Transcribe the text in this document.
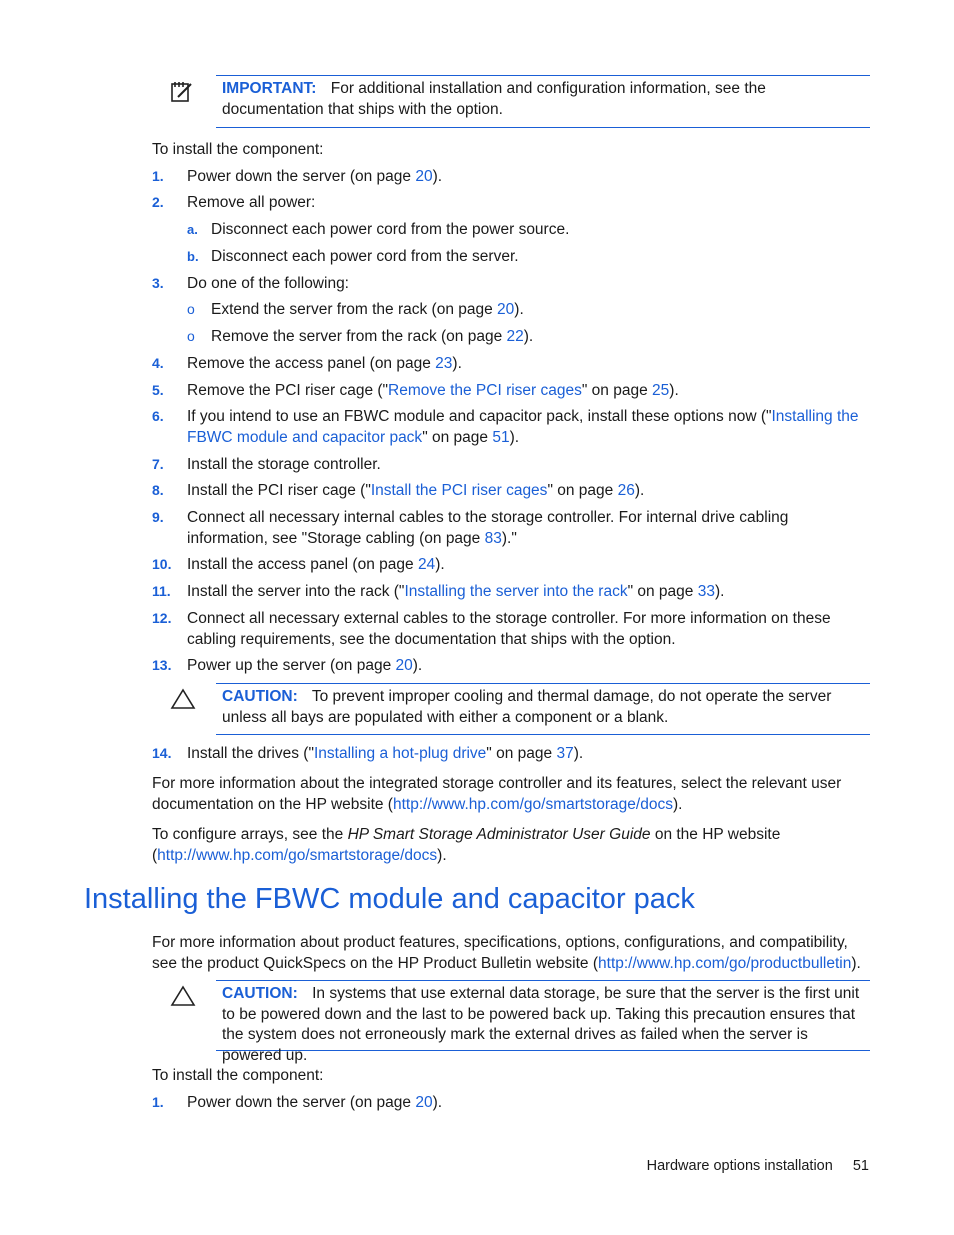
IMPORTANT: For additional installation and configuration information, see the documentation that ships with the option.
To install the component:
1. Power down the server (on page 20).
2. Remove all power:
a. Disconnect each power cord from the power source.
b. Disconnect each power cord from the server.
3. Do one of the following:
o Extend the server from the rack (on page 20).
o Remove the server from the rack (on page 22).
4. Remove the access panel (on page 23).
5. Remove the PCI riser cage ("Remove the PCI riser cages" on page 25).
6. If you intend to use an FBWC module and capacitor pack, install these options now ("Installing the FBWC module and capacitor pack" on page 51).
7. Install the storage controller.
8. Install the PCI riser cage ("Install the PCI riser cages" on page 26).
9. Connect all necessary internal cables to the storage controller. For internal drive cabling information, see "Storage cabling (on page 83)."
10. Install the access panel (on page 24).
11. Install the server into the rack ("Installing the server into the rack" on page 33).
12. Connect all necessary external cables to the storage controller. For more information on these cabling requirements, see the documentation that ships with the option.
13. Power up the server (on page 20).
CAUTION: To prevent improper cooling and thermal damage, do not operate the server unless all bays are populated with either a component or a blank.
14. Install the drives ("Installing a hot-plug drive" on page 37).
For more information about the integrated storage controller and its features, select the relevant user documentation on the HP website (http://www.hp.com/go/smartstorage/docs).
To configure arrays, see the HP Smart Storage Administrator User Guide on the HP website (http://www.hp.com/go/smartstorage/docs).
Installing the FBWC module and capacitor pack
For more information about product features, specifications, options, configurations, and compatibility, see the product QuickSpecs on the HP Product Bulletin website (http://www.hp.com/go/productbulletin).
CAUTION: In systems that use external data storage, be sure that the server is the first unit to be powered down and the last to be powered back up. Taking this precaution ensures that the system does not erroneously mark the external drives as failed when the server is powered up.
To install the component:
1. Power down the server (on page 20).
Hardware options installation 51
